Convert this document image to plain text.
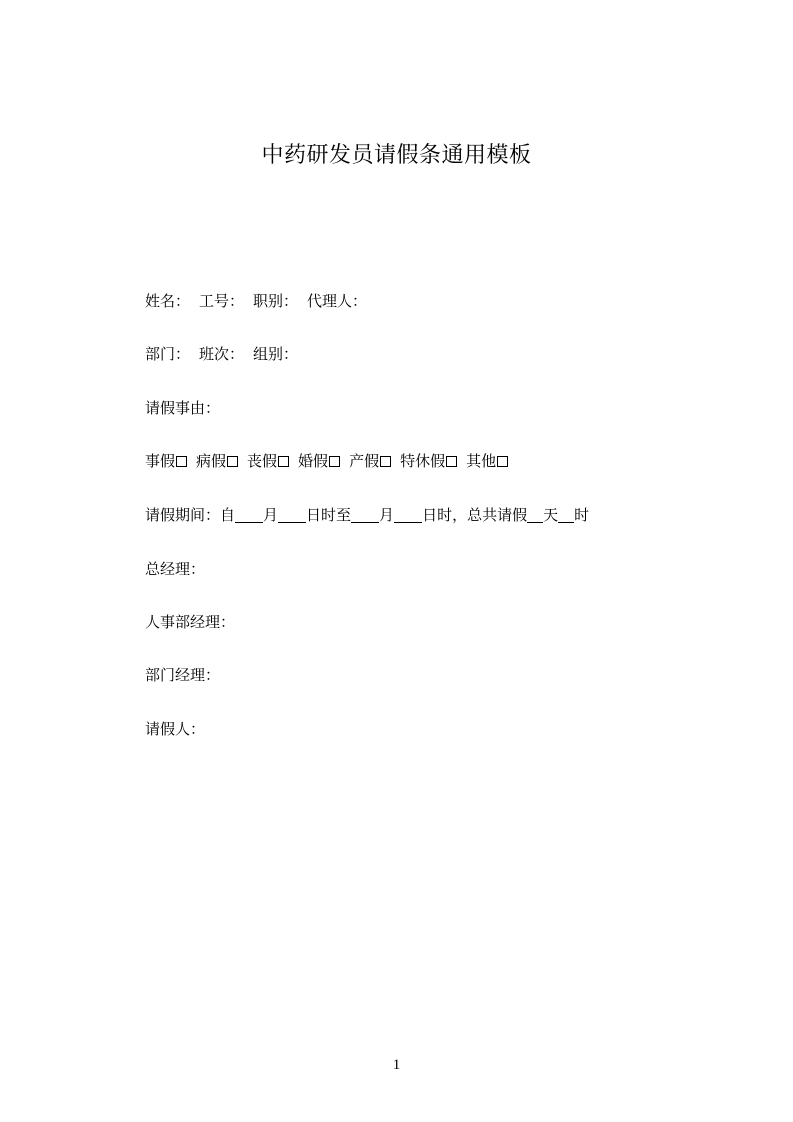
中药研发员请假条通用模板
姓名： 工号： 职别： 代理人：
部门： 班次： 组别：
请假事由：
事假 病假 丧假 婚假 产假 特休假 其他
请假期间：自 月 日时至 月 日时，总共请假 天 时
总经理：
人事部经理：
部门经理：
请假人：
1
